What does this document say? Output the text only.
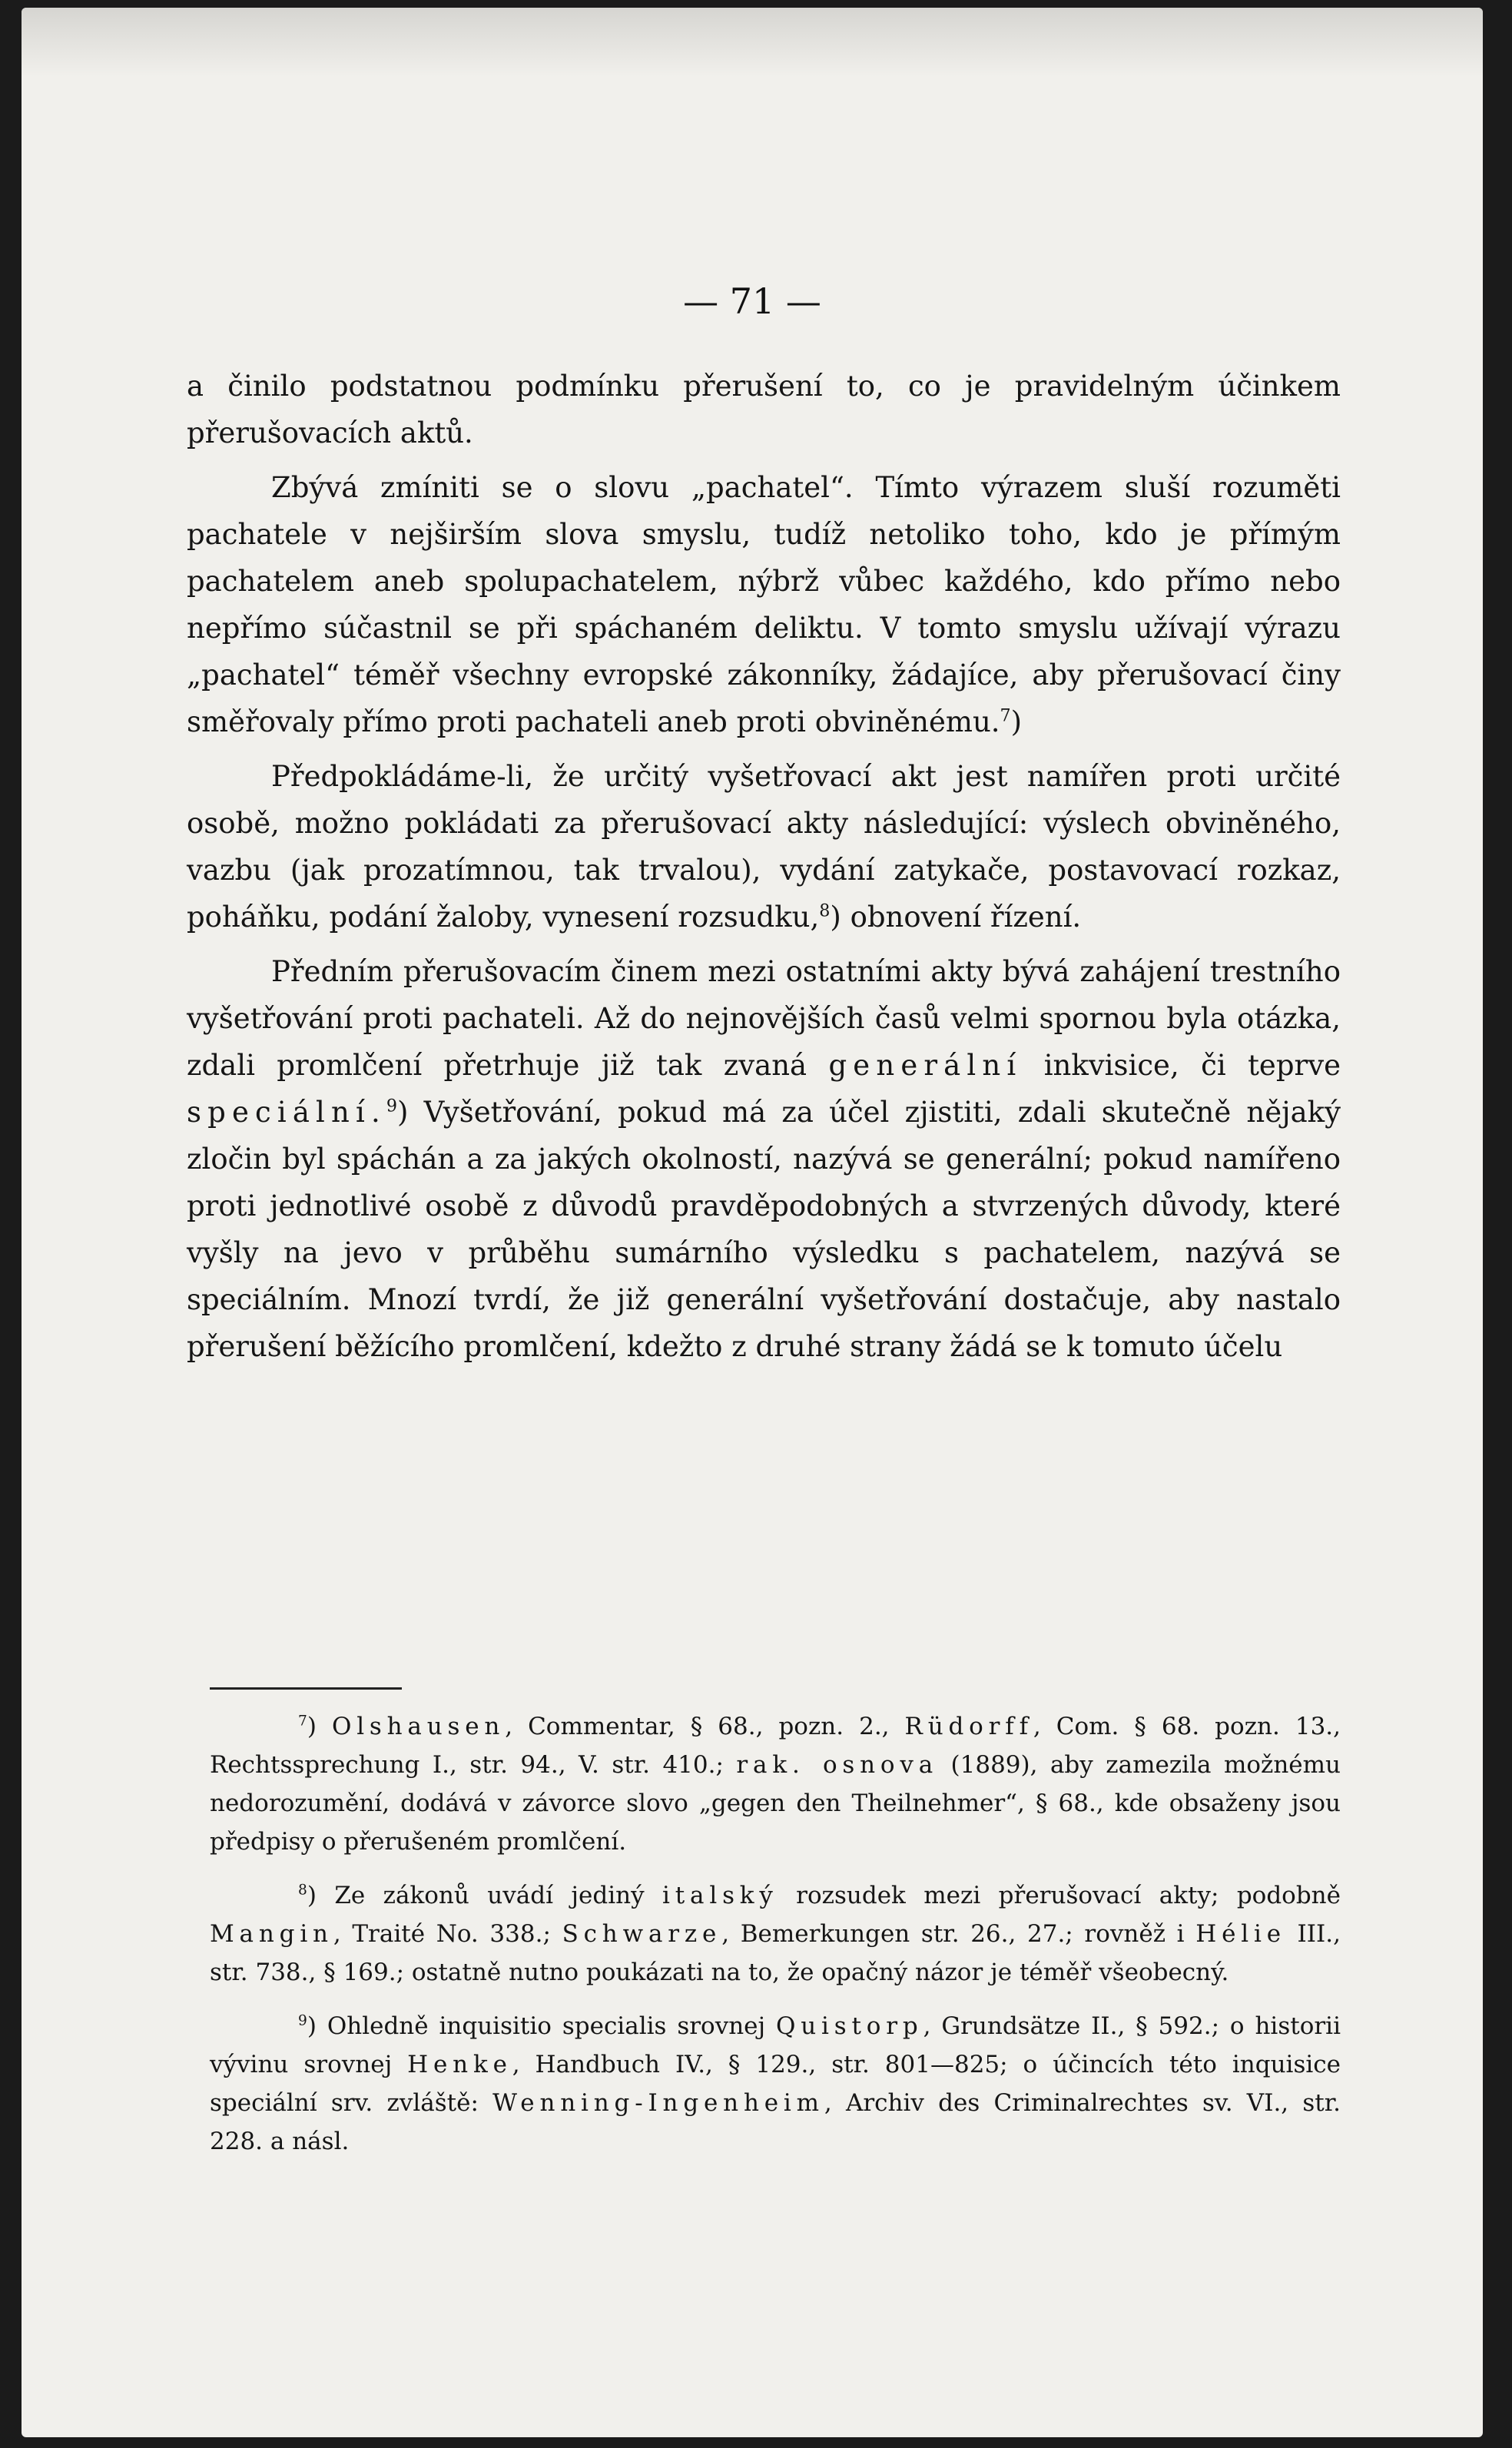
— 71 —

a činilo podstatnou podmínku přerušení to, co je pravidelným účinkem přerušovacích aktů.

Zbývá zmíniti se o slovu „pachatel“. Tímto výrazem sluší rozuměti pachatele v nejširším slova smyslu, tudíž netoliko toho, kdo je přímým pachatelem aneb spolupachatelem, nýbrž vůbec každého, kdo přímo nebo nepřímo súčastnil se při spáchaném deliktu. V tomto smyslu užívají výrazu „pachatel“ téměř všechny evropské zákonníky, žádajíce, aby přerušovací činy směřovaly přímo proti pachateli aneb proti obviněnému.$^7$)

Předpokládáme-li, že určitý vyšetřovací akt jest namířen proti určité osobě, možno pokládati za přerušovací akty následující: výslech obviněného, vazbu (jak prozatímnou, tak trvalou), vydání zatykače, postavovací rozkaz, poháňku, podání žaloby, vynesení rozsudku,$^8$) obnovení řízení.

Předním přerušovacím činem mezi ostatními akty bývá zahájení trestního vyšetřování proti pachateli. Až do nejnovějších časů velmi spornou byla otázka, zdali promlčení přetrhuje již tak zvaná generální inkvisice, či teprve speciální.$^9$) Vyšetřování, pokud má za účel zjistiti, zdali skutečně nějaký zločin byl spáchán a za jakých okolností, nazývá se generální; pokud namířeno proti jednotlivé osobě z důvodů pravděpodobných a stvrzených důvody, které vyšly na jevo v průběhu sumárního výsledku s pachatelem, nazývá se speciálním. Mnozí tvrdí, že již generální vyšetřování dostačuje, aby nastalo přerušení běžícího promlčení, kdežto z druhé strany žádá se k tomuto účelu

$^7$) Olshausen, Commentar, § 68., pozn. 2., Rüdorff, Com. § 68. pozn. 13., Rechtssprechung I., str. 94., V. str. 410.; rak. osnova (1889), aby zamezila možnému nedorozumění, dodává v závorce slovo „gegen den Theilnehmer“, § 68., kde obsaženy jsou předpisy o přerušeném promlčení.

$^8$) Ze zákonů uvádí jediný italský rozsudek mezi přerušovací akty; podobně Mangin, Traité No. 338.; Schwarze, Bemerkungen str. 26., 27.; rovněž i Hélie III., str. 738., § 169.; ostatně nutno poukázati na to, že opačný názor je téměř všeobecný.

$^9$) Ohledně inquisitio specialis srovnej Quistorp, Grundsätze II., § 592.; o historii vývinu srovnej Henke, Handbuch IV., § 129., str. 801—825; o účincích této inquisice speciální srv. zvláště: Wenning-Ingenheim, Archiv des Criminalrechtes sv. VI., str. 228. a násl.
